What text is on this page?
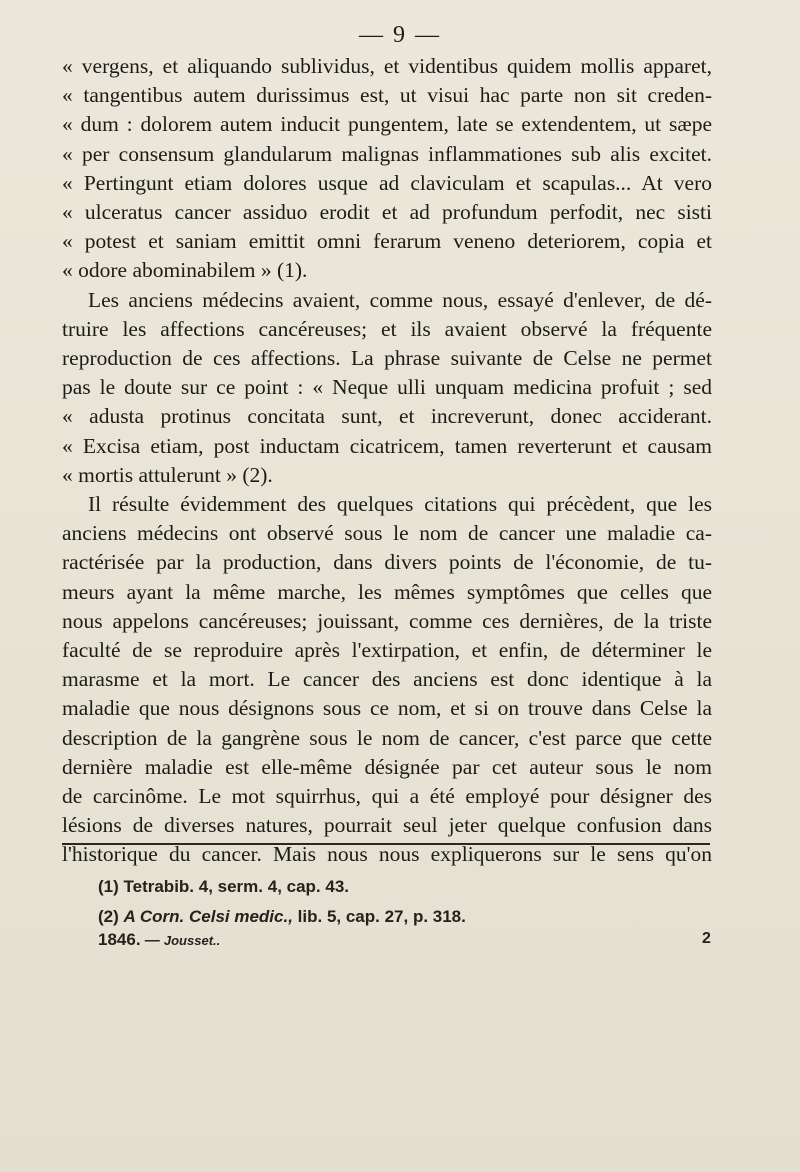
— 9 —
« vergens, et aliquando sublividus, et videntibus quidem mollis apparet,
« tangentibus autem durissimus est, ut visui hac parte non sit creden-
« dum : dolorem autem inducit pungentem, late se extendentem, ut sæpe
« per consensum glandularum malignas inflammationes sub alis excitet.
« Pertingunt etiam dolores usque ad claviculam et scapulas... At vero
« ulceratus cancer assiduo erodit et ad profundum perfodit, nec sisti
« potest et saniam emittit omni ferarum veneno deteriorem, copia et
« odore abominabilem » (1).
Les anciens médecins avaient, comme nous, essayé d'enlever, de dé-
truire les affections cancéreuses; et ils avaient observé la fréquente
reproduction de ces affections. La phrase suivante de Celse ne permet
pas le doute sur ce point : « Neque ulli unquam medicina profuit ; sed
« adusta protinus concitata sunt, et increverunt, donec acciderant.
« Excisa etiam, post inductam cicatricem, tamen reverterunt et causam
« mortis attulerunt » (2).
Il résulte évidemment des quelques citations qui précèdent, que les
anciens médecins ont observé sous le nom de cancer une maladie ca-
ractérisée par la production, dans divers points de l'économie, de tu-
meurs ayant la même marche, les mêmes symptômes que celles que
nous appelons cancéreuses; jouissant, comme ces dernières, de la triste
faculté de se reproduire après l'extirpation, et enfin, de déterminer le
marasme et la mort. Le cancer des anciens est donc identique à la
maladie que nous désignons sous ce nom, et si on trouve dans Celse la
description de la gangrène sous le nom de cancer, c'est parce que cette
dernière maladie est elle-même désignée par cet auteur sous le nom
de carcinôme. Le mot squirrhus, qui a été employé pour désigner des
lésions de diverses natures, pourrait seul jeter quelque confusion dans
l'historique du cancer. Mais nous nous expliquerons sur le sens qu'on
(1) Tetrabib. 4, serm. 4, cap. 43.
(2) A Corn. Celsi medic., lib. 5, cap. 27, p. 318.
1846. — Jousset..	2
